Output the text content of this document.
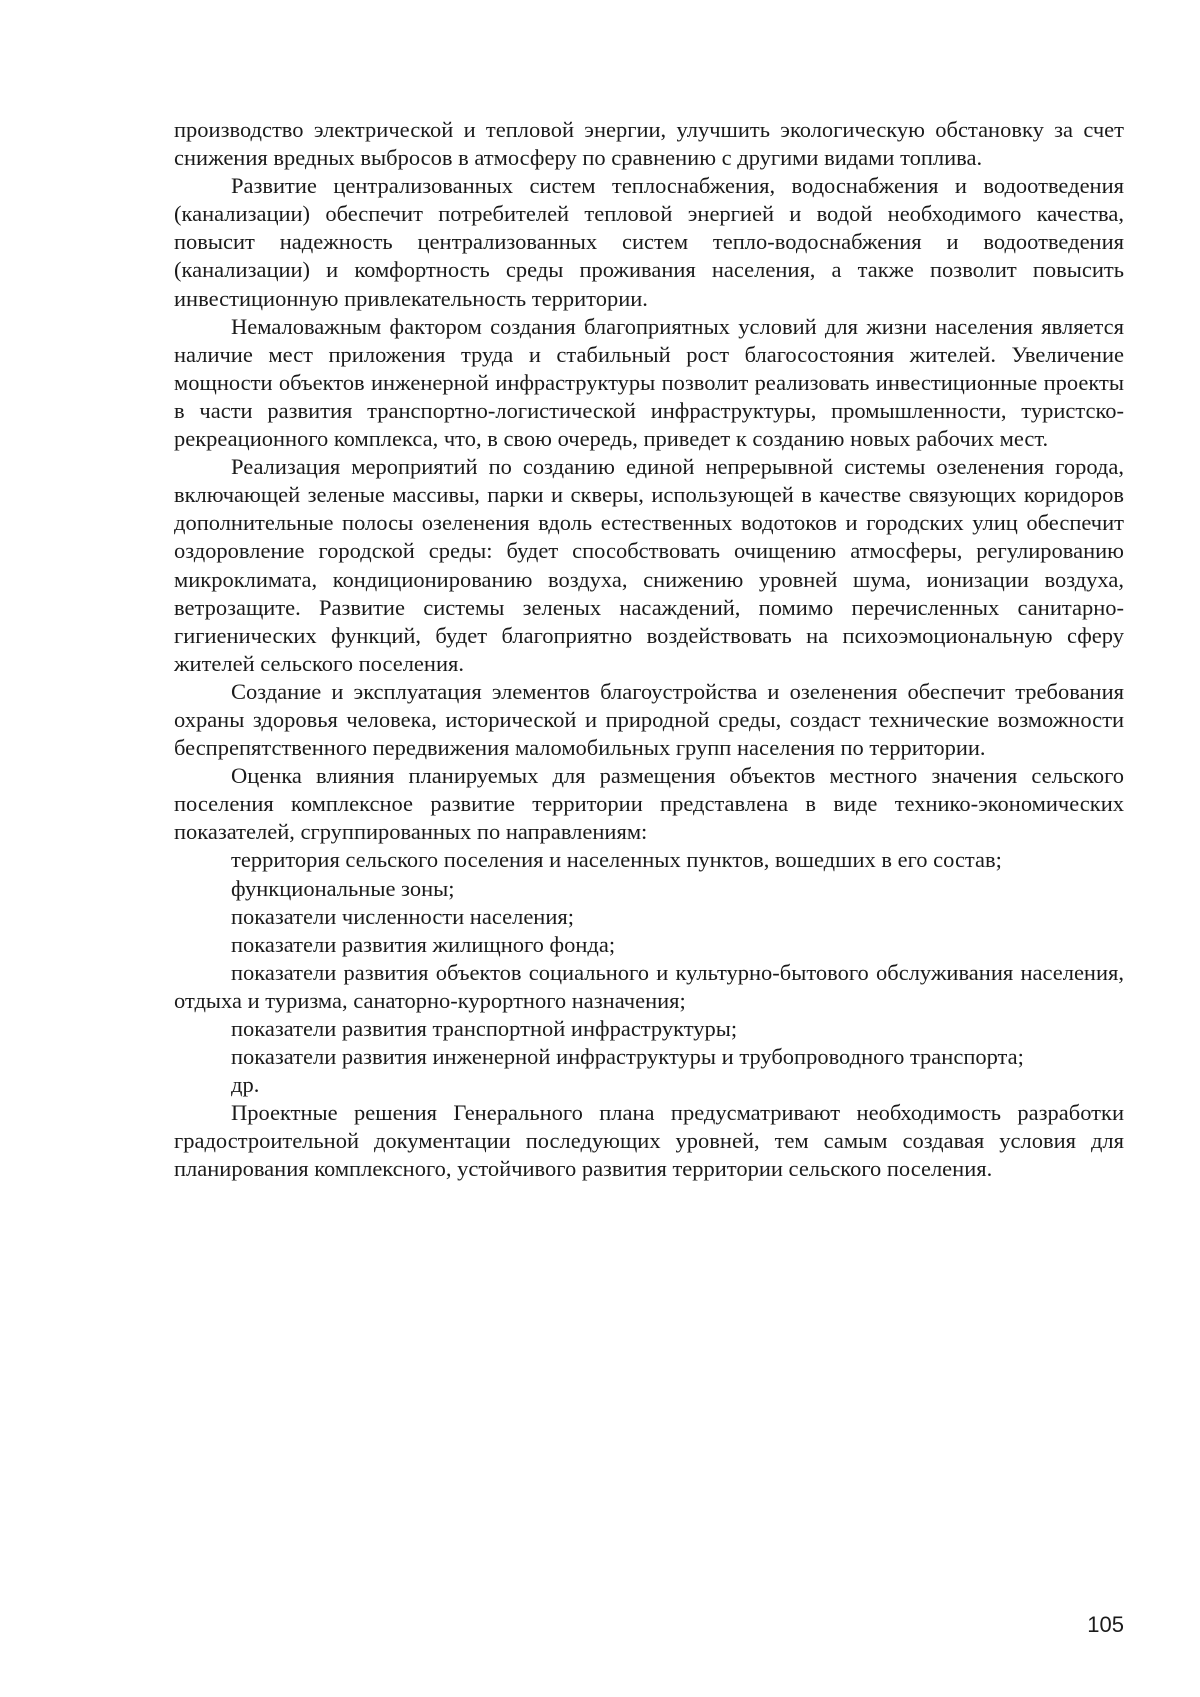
производство электрической и тепловой энергии, улучшить экологическую обстановку за счет снижения вредных выбросов в атмосферу по сравнению с другими видами топлива.

Развитие централизованных систем теплоснабжения, водоснабжения и водоотведения (канализации) обеспечит потребителей тепловой энергией и водой необходимого качества, повысит надежность централизованных систем тепло-водоснабжения и водоотведения (канализации) и комфортность среды проживания населения, а также позволит повысить инвестиционную привлекательность территории.

Немаловажным фактором создания благоприятных условий для жизни населения является наличие мест приложения труда и стабильный рост благосостояния жителей. Увеличение мощности объектов инженерной инфраструктуры позволит реализовать инвестиционные проекты в части развития транспортно-логистической инфраструктуры, промышленности, туристско-рекреационного комплекса, что, в свою очередь, приведет к созданию новых рабочих мест.

Реализация мероприятий по созданию единой непрерывной системы озеленения города, включающей зеленые массивы, парки и скверы, использующей в качестве связующих коридоров дополнительные полосы озеленения вдоль естественных водотоков и городских улиц обеспечит оздоровление городской среды: будет способствовать очищению атмосферы, регулированию микроклимата, кондиционированию воздуха, снижению уровней шума, ионизации воздуха, ветрозащите. Развитие системы зеленых насаждений, помимо перечисленных санитарно-гигиенических функций, будет благоприятно воздействовать на психоэмоциональную сферу жителей сельского поселения.

Создание и эксплуатация элементов благоустройства и озеленения обеспечит требования охраны здоровья человека, исторической и природной среды, создаст технические возможности беспрепятственного передвижения маломобильных групп населения по территории.

Оценка влияния планируемых для размещения объектов местного значения сельского поселения комплексное развитие территории представлена в виде технико-экономических показателей, сгруппированных по направлениям:

территория сельского поселения и населенных пунктов, вошедших в его состав;

функциональные зоны;

показатели численности населения;

показатели развития жилищного фонда;

показатели развития объектов социального и культурно-бытового обслуживания населения, отдыха и туризма, санаторно-курортного назначения;

показатели развития транспортной инфраструктуры;

показатели развития инженерной инфраструктуры и трубопроводного транспорта;

др.

Проектные решения Генерального плана предусматривают необходимость разработки градостроительной документации последующих уровней, тем самым создавая условия для планирования комплексного, устойчивого развития территории сельского поселения.

105
